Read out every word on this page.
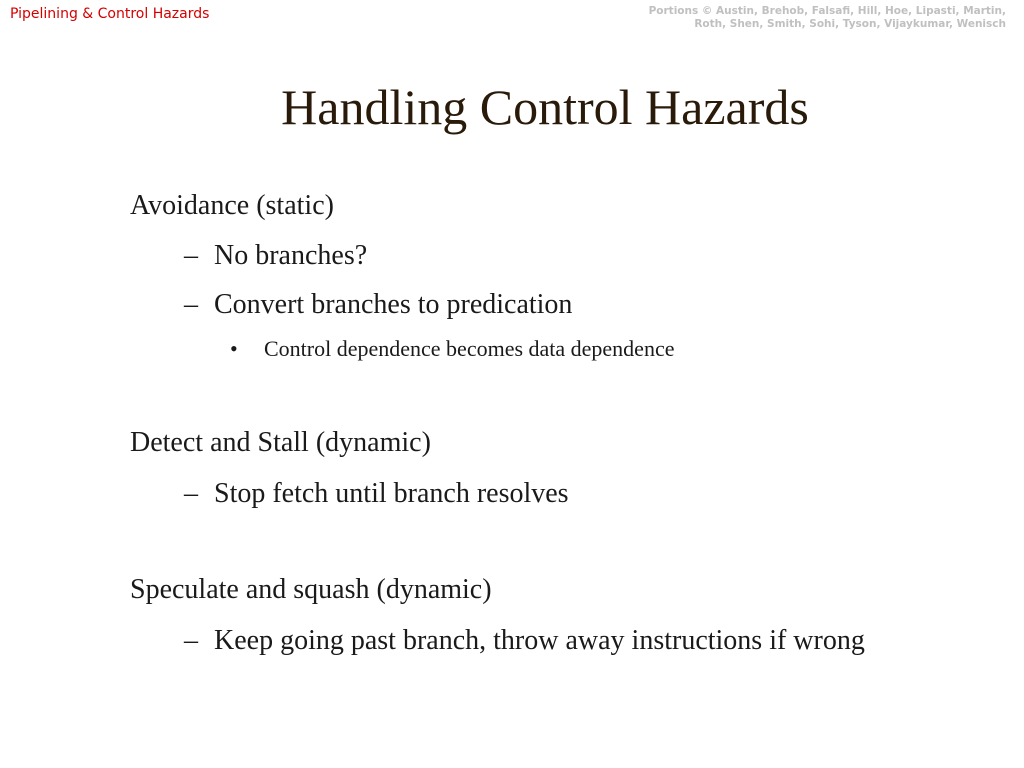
Pipelining & Control Hazards	Portions © Austin, Brehob, Falsafi, Hill, Hoe, Lipasti, Martin,
Roth, Shen, Smith, Sohi, Tyson, Vijaykumar, Wenisch
Handling Control Hazards
Avoidance (static)
– No branches?
– Convert branches to predication
• Control dependence becomes data dependence
Detect and Stall (dynamic)
– Stop fetch until branch resolves
Speculate and squash (dynamic)
– Keep going past branch, throw away instructions if wrong
